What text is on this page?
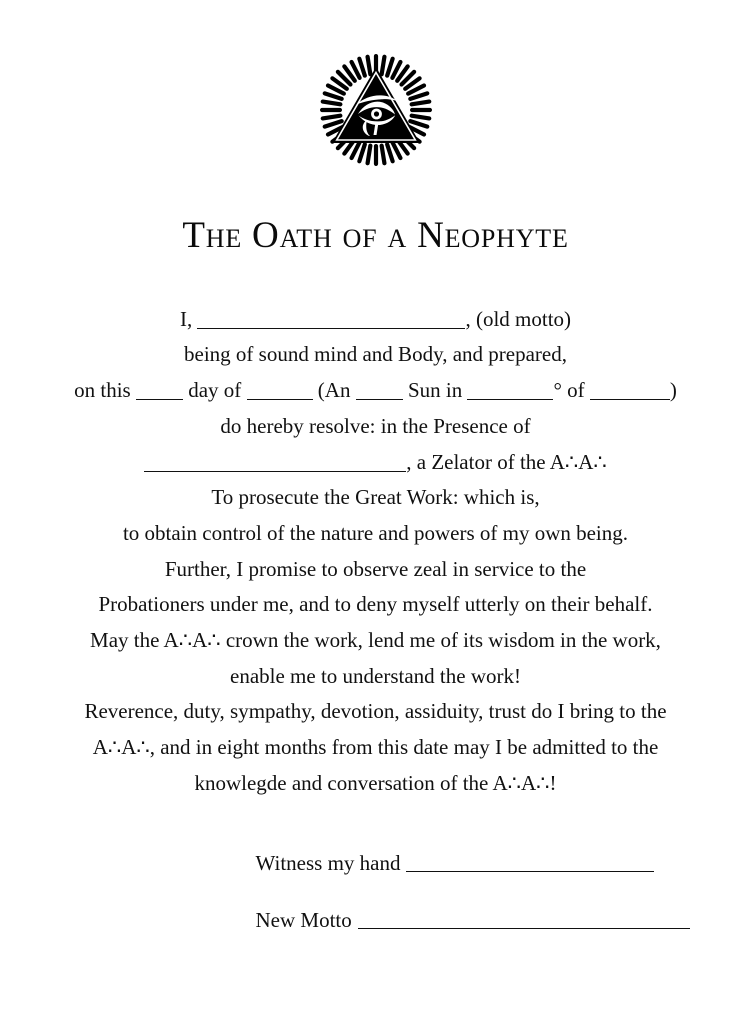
The Oath of a Neophyte
I,	, (old motto)
being of sound mind and Body, and prepared,
on this  day of	(An  Sun in	° of	)
do hereby resolve: in the Presence of
, a Zelator of the A∴A∴
To prosecute the Great Work: which is,
to obtain control of the nature and powers of my own being.
Further, I promise to observe zeal in service to the
Probationers under me, and to deny myself utterly on their behalf.
May the A∴A∴ crown the work, lend me of its wisdom in the work,
enable me to understand the work!
Reverence, duty, sympathy, devotion, assiduity, trust do I bring to the
A∴A∴, and in eight months from this date may I be admitted to the
knowlegde and conversation of the A∴A∴!
Witness my hand
New Motto
